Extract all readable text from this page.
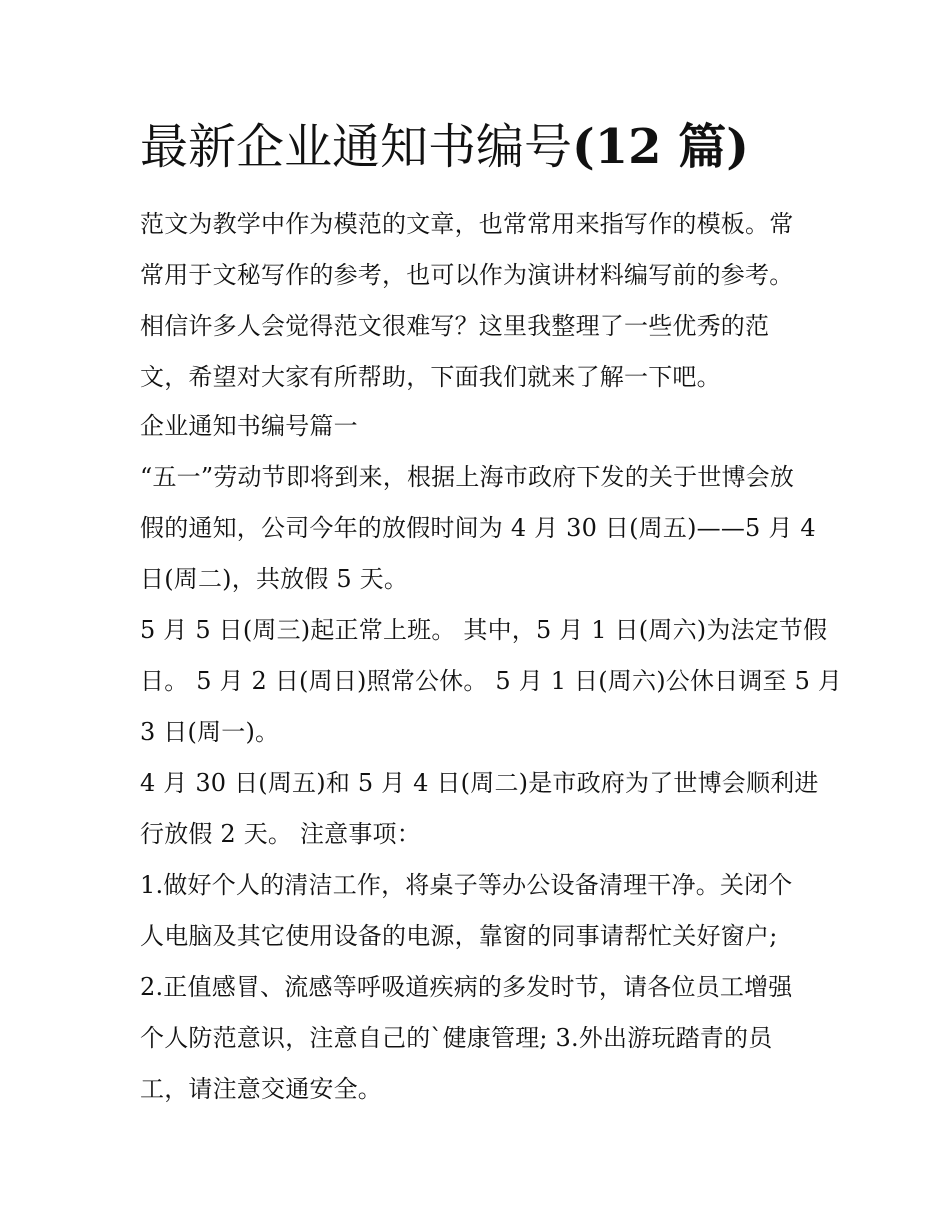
最新企业通知书编号(12 篇)

范文为教学中作为模范的文章，也常常用来指写作的模板。常

常用于文秘写作的参考，也可以作为演讲材料编写前的参考。

相信许多人会觉得范文很难写？这里我整理了一些优秀的范

文，希望对大家有所帮助，下面我们就来了解一下吧。

企业通知书编号篇一

“五一”劳动节即将到来，根据上海市政府下发的关于世博会放

假的通知，公司今年的放假时间为 4 月 30 日(周五)——5 月 4

日(周二)，共放假 5 天。

5 月 5 日(周三)起正常上班。 其中，5 月 1 日(周六)为法定节假

日。 5 月 2 日(周日)照常公休。 5 月 1 日(周六)公休日调至 5 月

3 日(周一)。

4 月 30 日(周五)和 5 月 4 日(周二)是市政府为了世博会顺利进

行放假 2 天。 注意事项：

1.做好个人的清洁工作，将桌子等办公设备清理干净。关闭个

人电脑及其它使用设备的电源，靠窗的同事请帮忙关好窗户;

2.正值感冒、流感等呼吸道疾病的多发时节，请各位员工增强

个人防范意识，注意自己的`健康管理; 3.外出游玩踏青的员

工，请注意交通安全。
